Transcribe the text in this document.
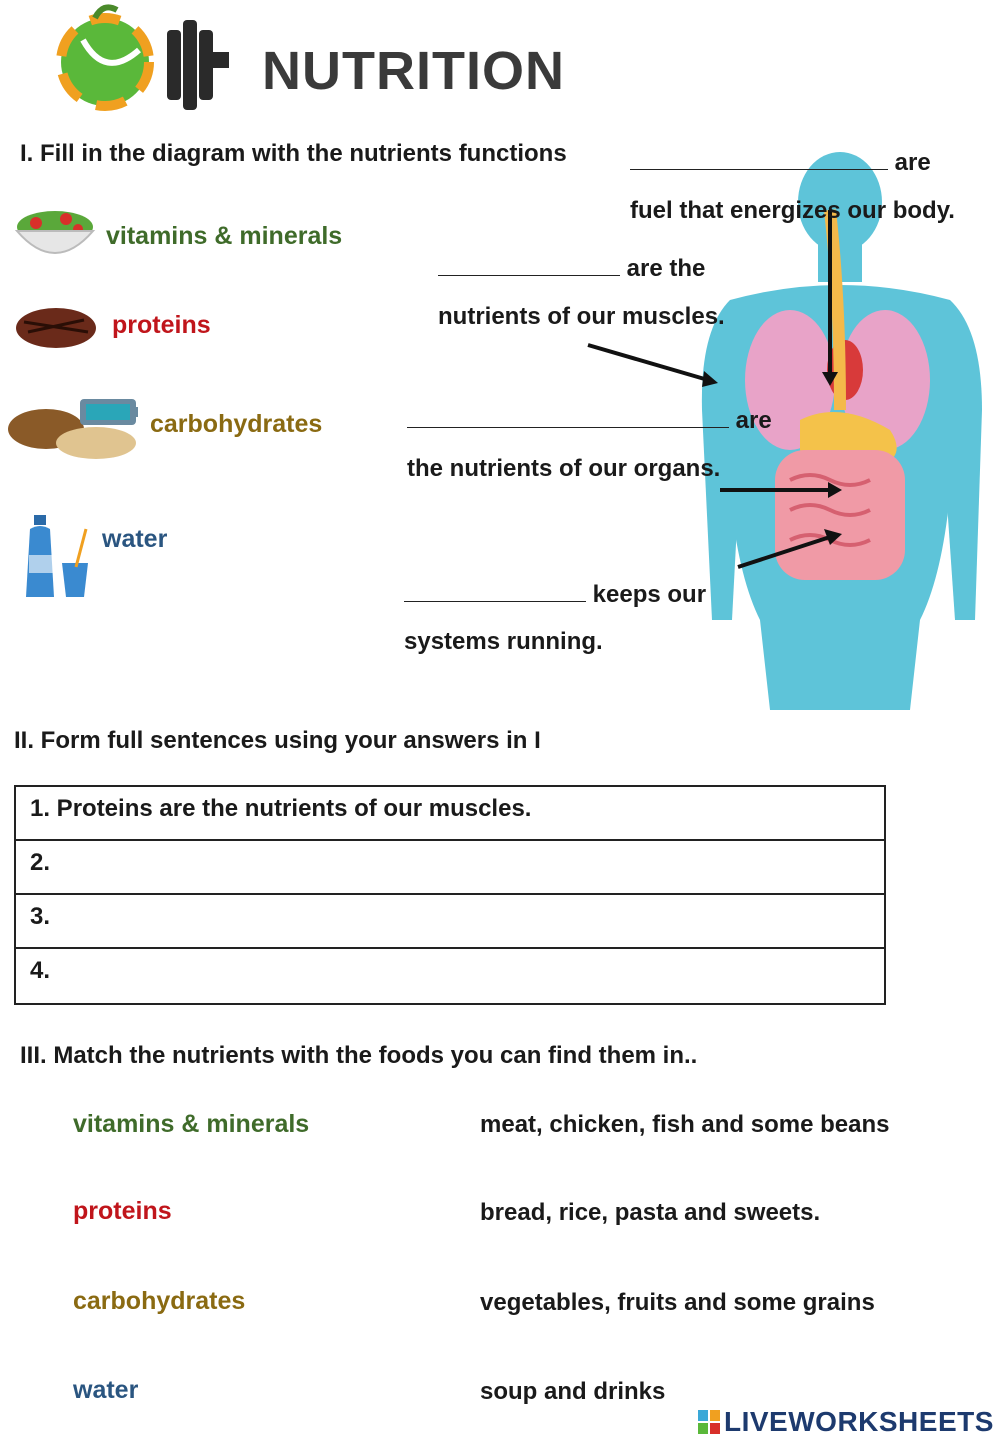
NUTRITION
I. Fill in the diagram with the nutrients functions
vitamins & minerals
proteins
carbohydrates
water
are
fuel that energizes our body.
are the
nutrients of our muscles.
are
the nutrients of our organs.
keeps our
systems running.
II. Form full sentences using your answers in I
1. Proteins are the nutrients of our muscles.
2.
3.
4.
III. Match the nutrients with the foods you can find them in..
vitamins & minerals
proteins
carbohydrates
water
meat, chicken, fish and some beans
bread, rice, pasta and sweets.
vegetables, fruits and some grains
soup and drinks
LIVEWORKSHEETS
